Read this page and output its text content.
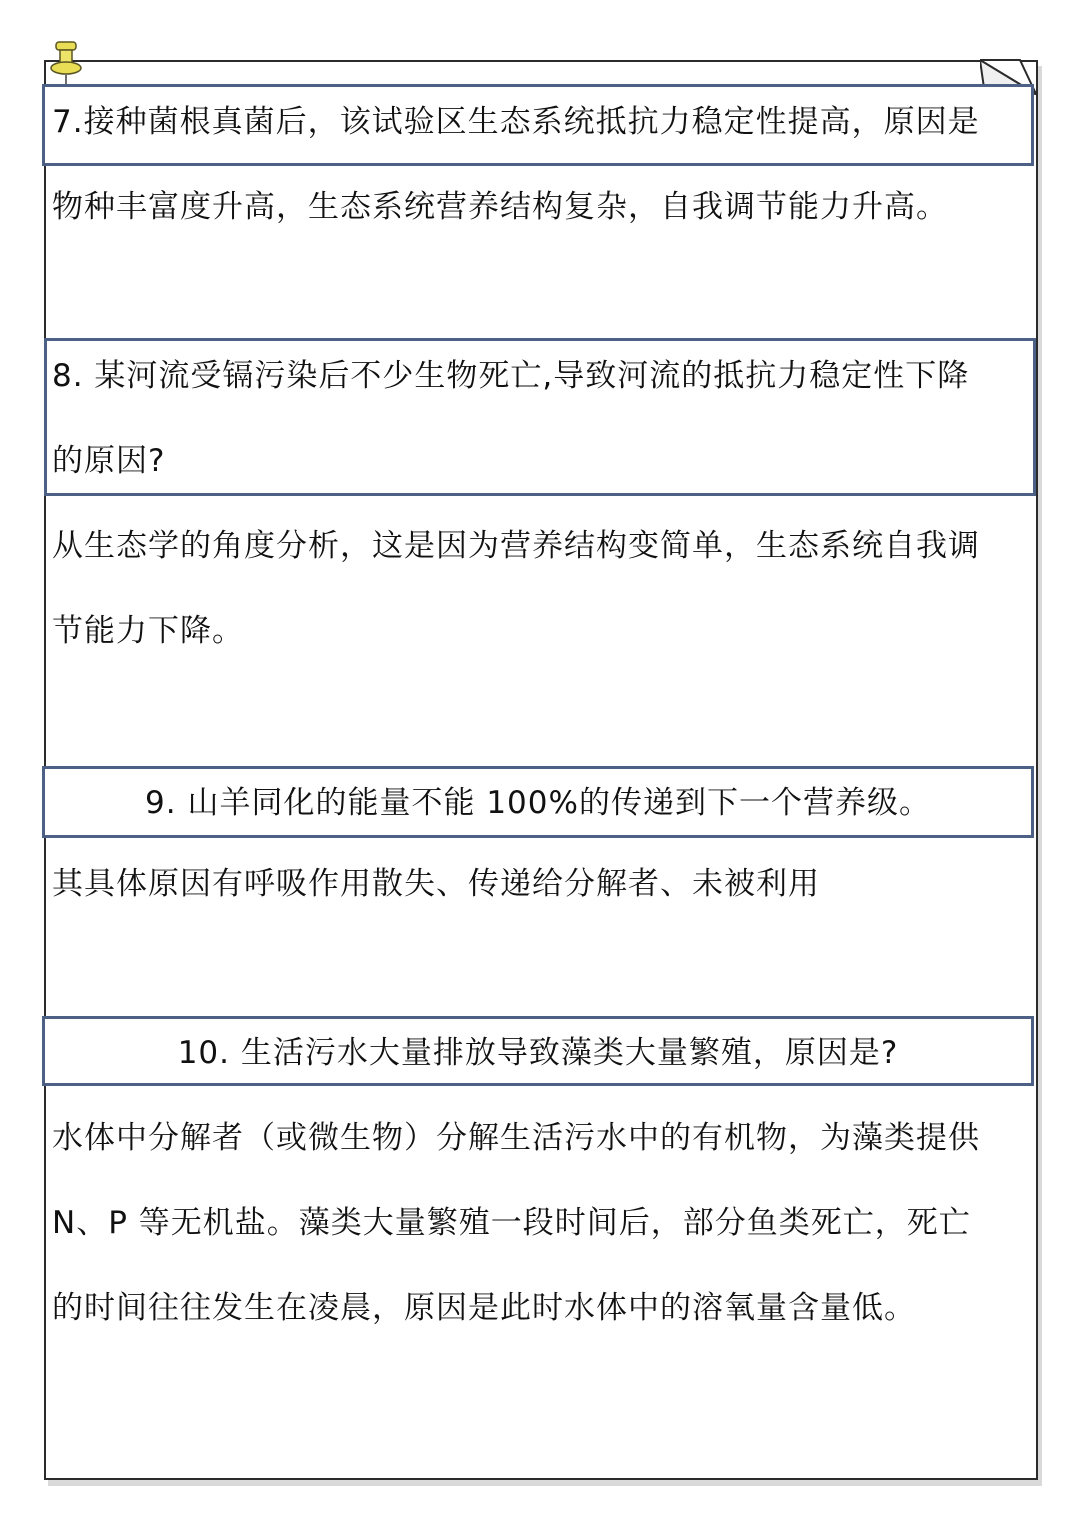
7.接种菌根真菌后，该试验区生态系统抵抗力稳定性提高，原因是
物种丰富度升高，生态系统营养结构复杂，自我调节能力升高。
8. 某河流受镉污染后不少生物死亡,导致河流的抵抗力稳定性下降
的原因?
从生态学的角度分析，这是因为营养结构变简单，生态系统自我调
节能力下降。
9. 山羊同化的能量不能 100%的传递到下一个营养级。
其具体原因有呼吸作用散失、传递给分解者、未被利用
10. 生活污水大量排放导致藻类大量繁殖，原因是?
水体中分解者（或微生物）分解生活污水中的有机物，为藻类提供
N、P 等无机盐。藻类大量繁殖一段时间后，部分鱼类死亡，死亡
的时间往往发生在凌晨，原因是此时水体中的溶氧量含量低。
